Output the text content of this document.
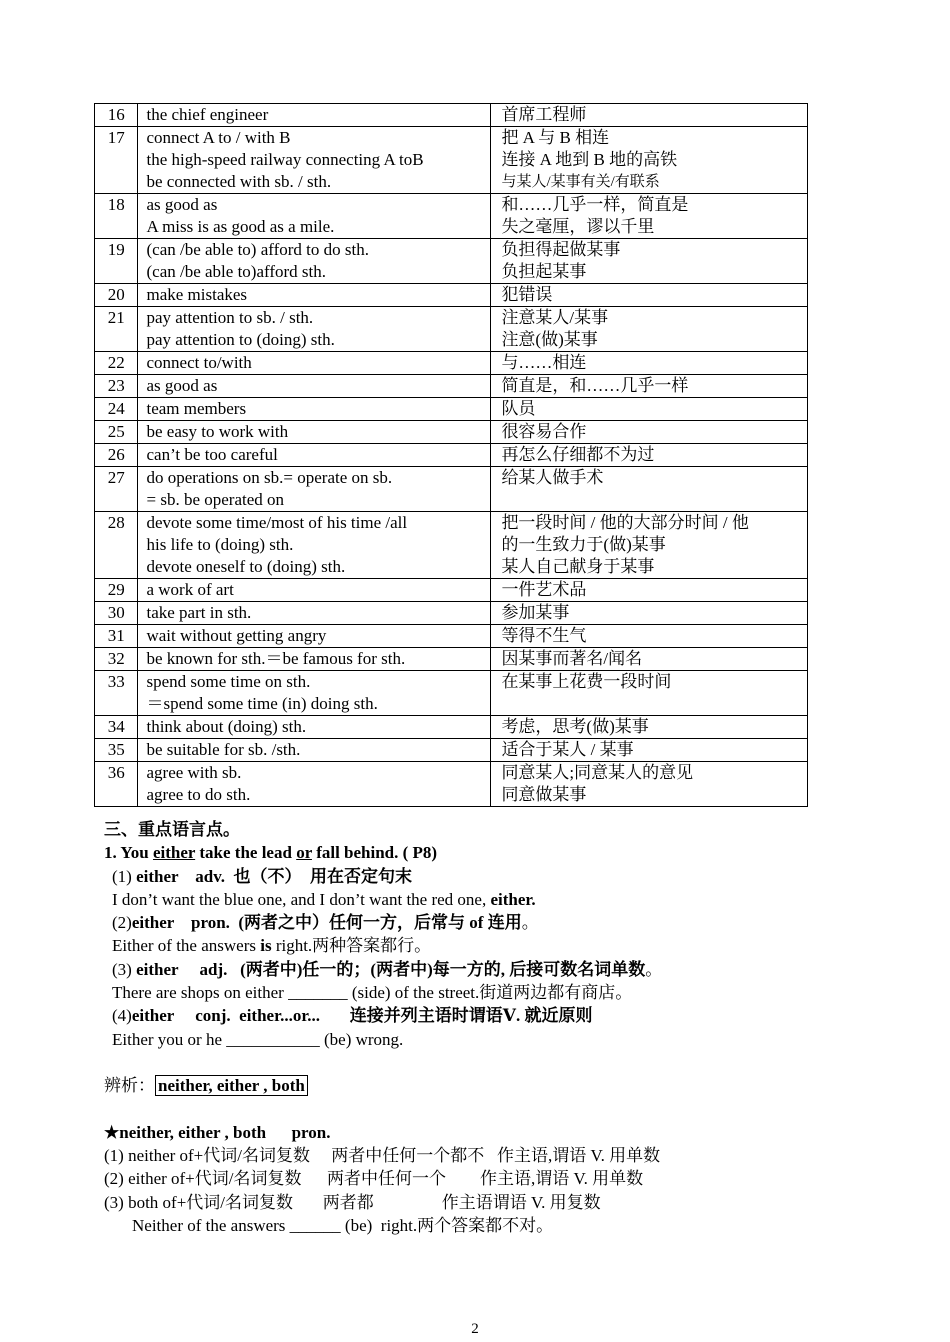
16	the chief engineer	首席工程师

17	connect A to / with B
the high-speed railway connecting A toB
be connected with sb. / sth.	把 A 与 B 相连
连接 A 地到 B 地的高铁
与某人/某事有关/有联系

18	as good as
A miss is as good as a mile.	和……几乎一样，简直是
失之毫厘，谬以千里

19	(can /be able to) afford to do sth.
(can /be able to)afford sth.	负担得起做某事
负担起某事

20	make mistakes	犯错误

21	pay attention to sb. / sth.
pay attention to (doing) sth.	注意某人/某事
注意(做)某事

22	connect to/with	与……相连

23	as good as	简直是，和……几乎一样

24	team members	队员

25	be easy to work with	很容易合作

26	can’t be too careful	再怎么仔细都不为过

27	do operations on sb.= operate on sb.
= sb. be operated on	给某人做手术

28	devote some time/most of his time /all
his life to (doing) sth.
devote oneself to (doing) sth.	把一段时间 / 他的大部分时间 / 他
的一生致力于(做)某事
某人自己献身于某事

29	a work of art	一件艺术品

30	take part in sth.	参加某事

31	wait without getting angry	等得不生气

32	be known for sth.＝be famous for sth.	因某事而著名/闻名

33	spend some time on sth.
＝spend some time (in) doing sth.	在某事上花费一段时间

34	think about (doing) sth.	考虑，思考(做)某事

35	be suitable for sb. /sth.	适合于某人 / 某事

36	agree with sb.
agree to do sth.	同意某人;同意某人的意见
同意做某事
三、重点语言点。
1. You either take the lead or fall behind. ( P8)
(1) either    adv.  也（不）  用在否定句末
I don’t want the blue one, and I don’t want the red one, either.
(2)either    pron.  (两者之中）任何一方，后常与 of 连用。
Either of the answers is right.两种答案都行。
(3) either     adj.   (两者中)任一的；(两者中)每一方的, 后接可数名词单数。
There are shops on either _______ (side) of the street.街道两边都有商店。
(4)either     conj.  either...or...       连接并列主语时谓语Ⅴ. 就近原则
Either you or he ___________ (be) wrong.
辨析： neither, either , both
★neither, either , both      pron.
(1) neither of+代词/名词复数     两者中任何一个都不   作主语,谓语 V. 用单数
(2) either of+代词/名词复数      两者中任何一个        作主语,谓语 V. 用单数
(3) both of+代词/名词复数       两者都                作主语谓语 V. 用复数
Neither of the answers ______ (be)  right.两个答案都不对。
2
